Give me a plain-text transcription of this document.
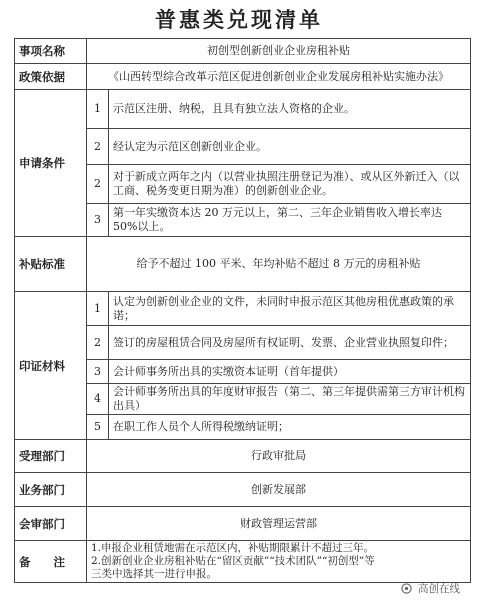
普惠类兑现清单
事项名称	初创型创新创业企业房租补贴	
政策依据	《山西转型综合改革示范区促进创新创业企业发展房租补贴实施办法》	
申请条件	1	示范区注册、纳税，且具有独立法人资格的企业。
	2	经认定为示范区创新创业企业。
	2	对于新成立两年之内（以营业执照注册登记为准）、或从区外新迁入（以工商、税务变更日期为准）的创新创业企业。
	3	第一年实缴资本达 20 万元以上，第二、三年企业销售收入增长率达 50%以上。
补贴标准	给予不超过 100 平米、年均补贴不超过 8 万元的房租补贴	
印证材料	1	认定为创新创业企业的文件，未同时申报示范区其他房租优惠政策的承诺；
	2	签订的房屋租赁合同及房屋所有权证明、发票、企业营业执照复印件；
	3	会计师事务所出具的实缴资本证明（首年提供）
	4	会计师事务所出具的年度财审报告（第二、第三年提供需第三方审计机构出具）
	5	在职工作人员个人所得税缴纳证明；
受理部门	行政审批局	
业务部门	创新发展部	
会审部门	财政管理运营部	
备　　注	1.申报企业租赁地需在示范区内，补贴期限累计不超过三年。
2.创新创业企业房租补贴在“留区贡献”“技术团队”“初创型”等三类中选择其一进行申报。	
高创在线
